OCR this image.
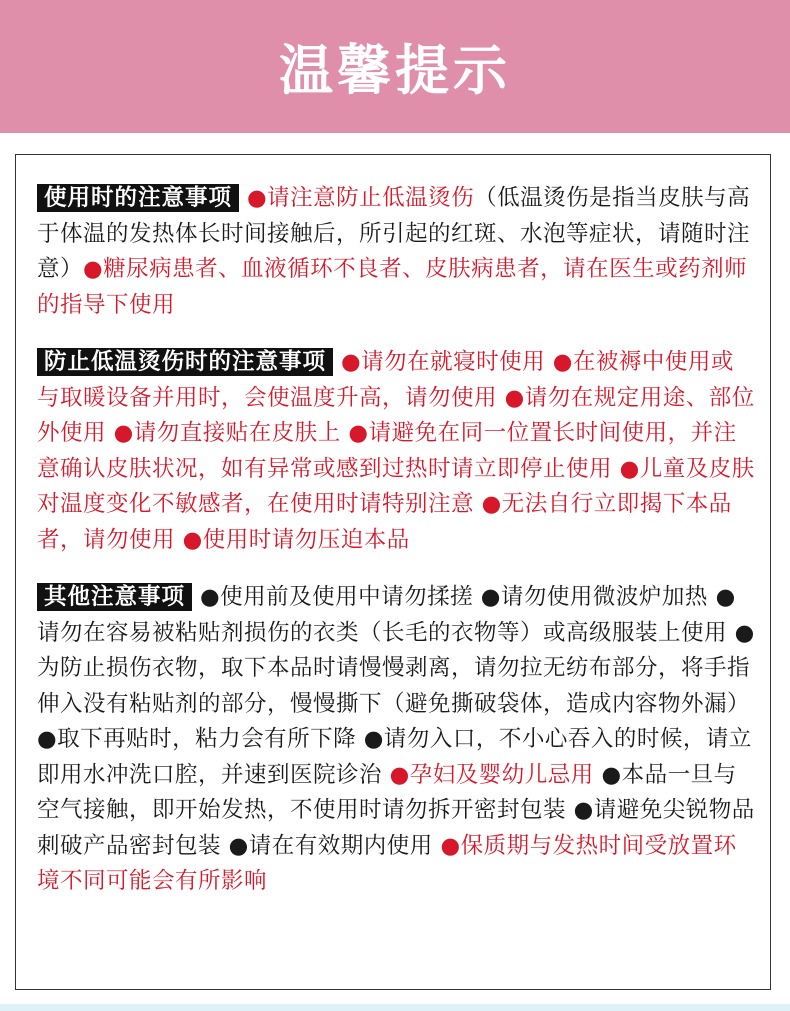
温馨提示
使用时的注意事项 ●请注意防止低温烫伤（低温烫伤是指当皮肤与高于体温的发热体长时间接触后，所引起的红斑、水泡等症状，请随时注意）●糖尿病患者、血液循环不良者、皮肤病患者，请在医生或药剂师的指导下使用
防止低温烫伤时的注意事项 ●请勿在就寝时使用 ●在被褥中使用或与取暖设备并用时，会使温度升高，请勿使用 ●请勿在规定用途、部位外使用 ●请勿直接贴在皮肤上 ●请避免在同一位置长时间使用，并注意确认皮肤状况，如有异常或感到过热时请立即停止使用 ●儿童及皮肤对温度变化不敏感者，在使用时请特别注意 ●无法自行立即揭下本品者，请勿使用 ●使用时请勿压迫本品
其他注意事项 ●使用前及使用中请勿揉搓 ●请勿使用微波炉加热 ●请勿在容易被粘贴剂损伤的衣类（长毛的衣物等）或高级服装上使用 ●为防止损伤衣物，取下本品时请慢慢剥离，请勿拉无纺布部分，将手指伸入没有粘贴剂的部分，慢慢撕下（避免撕破袋体，造成内容物外漏）●取下再贴时，粘力会有所下降 ●请勿入口，不小心吞入的时候，请立即用水冲洗口腔，并速到医院诊治 ●孕妇及婴幼儿忌用 ●本品一旦与空气接触，即开始发热，不使用时请勿拆开密封包装 ●请避免尖锐物品刺破产品密封包装 ●请在有效期内使用 ●保质期与发热时间受放置环境不同可能会有所影响
